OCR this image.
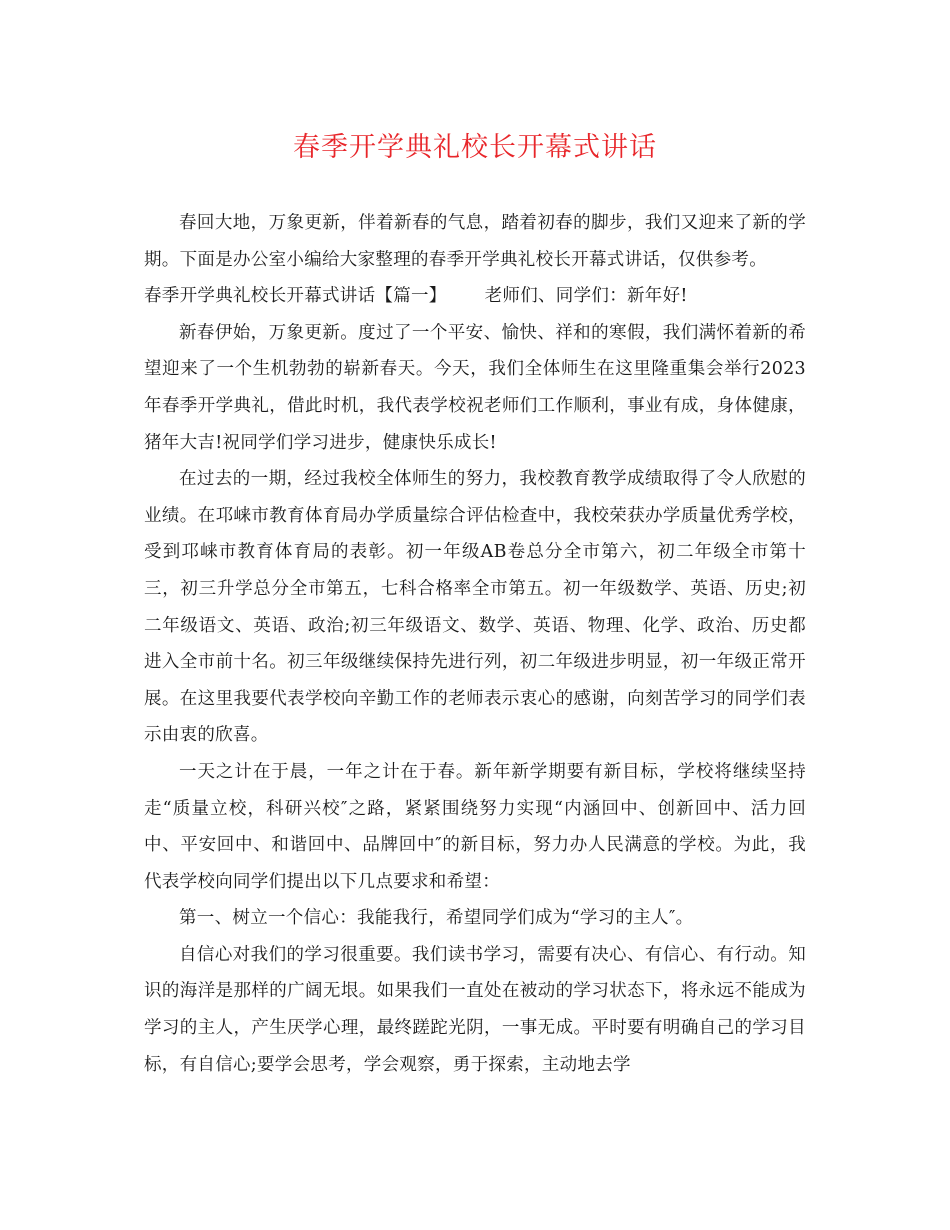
春季开学典礼校长开幕式讲话

春回大地，万象更新，伴着新春的气息，踏着初春的脚步，我们又迎来了新的学期。下面是办公室小编给大家整理的春季开学典礼校长开幕式讲话，仅供参考。

春季开学典礼校长开幕式讲话【篇一】 老师们、同学们：新年好!

新春伊始，万象更新。度过了一个平安、愉快、祥和的寒假，我们满怀着新的希望迎来了一个生机勃勃的崭新春天。今天，我们全体师生在这里隆重集会举行2023年春季开学典礼，借此时机，我代表学校祝老师们工作顺利，事业有成，身体健康，猪年大吉!祝同学们学习进步，健康快乐成长!

在过去的一期，经过我校全体师生的努力，我校教育教学成绩取得了令人欣慰的业绩。在邛崃市教育体育局办学质量综合评估检查中，我校荣获办学质量优秀学校，受到邛崃市教育体育局的表彰。初一年级AB卷总分全市第六，初二年级全市第十三，初三升学总分全市第五，七科合格率全市第五。初一年级数学、英语、历史;初二年级语文、英语、政治;初三年级语文、数学、英语、物理、化学、政治、历史都进入全市前十名。初三年级继续保持先进行列，初二年级进步明显，初一年级正常开展。在这里我要代表学校向辛勤工作的老师表示衷心的感谢，向刻苦学习的同学们表示由衷的欣喜。

一天之计在于晨，一年之计在于春。新年新学期要有新目标，学校将继续坚持走“质量立校，科研兴校″之路，紧紧围绕努力实现“内涵回中、创新回中、活力回中、平安回中、和谐回中、品牌回中″的新目标，努力办人民满意的学校。为此，我代表学校向同学们提出以下几点要求和希望：

第一、树立一个信心：我能我行，希望同学们成为“学习的主人″。

自信心对我们的学习很重要。我们读书学习，需要有决心、有信心、有行动。知识的海洋是那样的广阔无垠。如果我们一直处在被动的学习状态下，将永远不能成为学习的主人，产生厌学心理，最终蹉跎光阴，一事无成。平时要有明确自己的学习目标，有自信心;要学会思考，学会观察，勇于探索，主动地去学
